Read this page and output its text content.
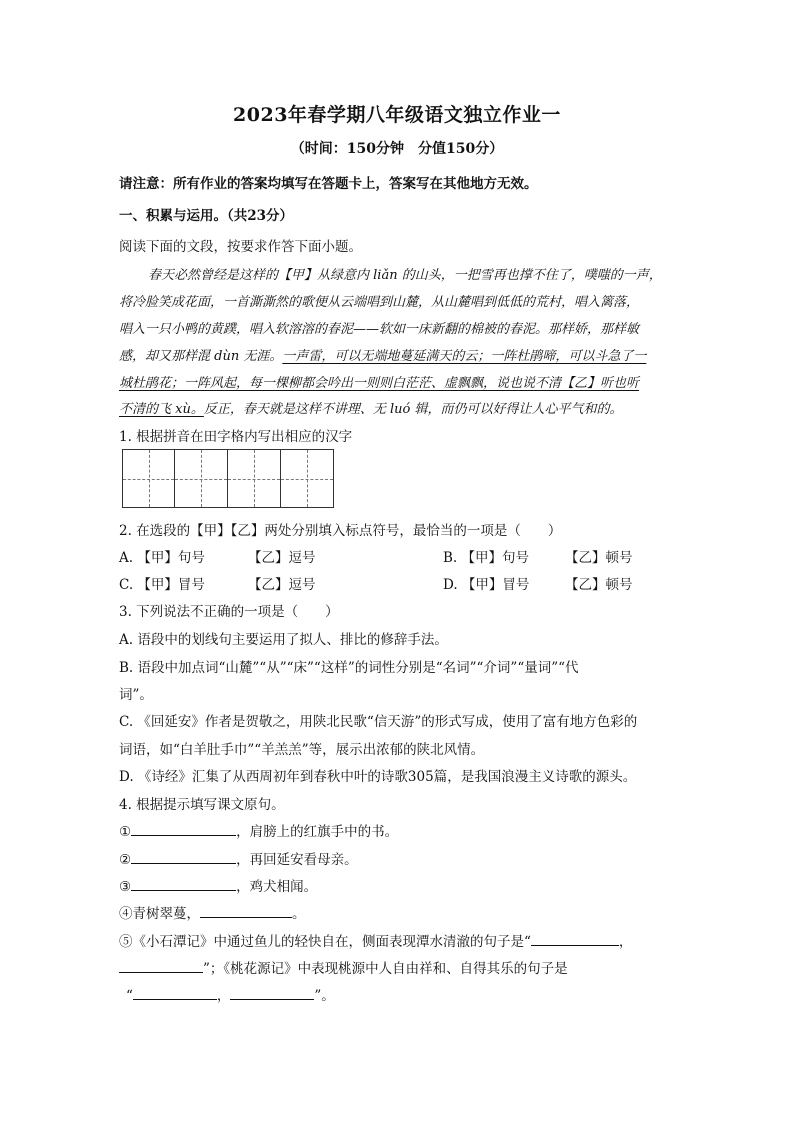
2023年春学期八年级语文独立作业一
（时间：150分钟　分值150分）
请注意：所有作业的答案均填写在答题卡上，答案写在其他地方无效。
一、积累与运用。（共23分）
阅读下面的文段，按要求作答下面小题。
春天必然曾经是这样的【甲】从绿意内 liǎn 的山头，一把雪再也撑不住了，噗嗤的一声，
将冷脸笑成花面，一首澌澌然的歌便从云端唱到山麓，从山麓唱到低低的荒村，唱入篱落，
唱入一只小鸭的黄蹼，唱入软溶溶的春泥——软如一床新翻的棉被的春泥。那样娇，那样敏
感，却又那样混 dùn 无涯。一声雷，可以无端地蔓延满天的云；一阵杜鹃啼，可以斗急了一
城杜鹃花；一阵风起，每一棵柳都会吟出一则则白茫茫、虚飘飘，说也说不清【乙】听也听
不清的飞 xù。反正，春天就是这样不讲理、无 luó 辑，而仍可以好得让人心平气和的。
1. 根据拼音在田字格内写出相应的汉字
2. 在选段的【甲】【乙】两处分别填入标点符号，最恰当的一项是（　　）
A. 【甲】句号	【乙】逗号	B. 【甲】句号	【乙】顿号
C. 【甲】冒号	【乙】逗号	D. 【甲】冒号	【乙】顿号
3. 下列说法不正确的一项是（　　）
A. 语段中的划线句主要运用了拟人、排比的修辞手法。
B. 语段中加点词“山麓”“从”“床”“这样”的词性分别是“名词”“介词”“量词”“代
词”。
C. 《回延安》作者是贺敬之，用陕北民歌“信天游”的形式写成，使用了富有地方色彩的
词语，如“白羊肚手巾”“羊羔羔”等，展示出浓郁的陕北风情。
D. 《诗经》汇集了从西周初年到春秋中叶的诗歌305篇，是我国浪漫主义诗歌的源头。
4. 根据提示填写课文原句。
①	，肩膀上的红旗手中的书。
②	，再回延安看母亲。
③	，鸡犬相闻。
④青树翠蔓，	。
⑤《小石潭记》中通过鱼儿的轻快自在，侧面表现潭水清澈的句子是“	，
”；《桃花源记》中表现桃源中人自由祥和、自得其乐的句子是
“	，	”。
